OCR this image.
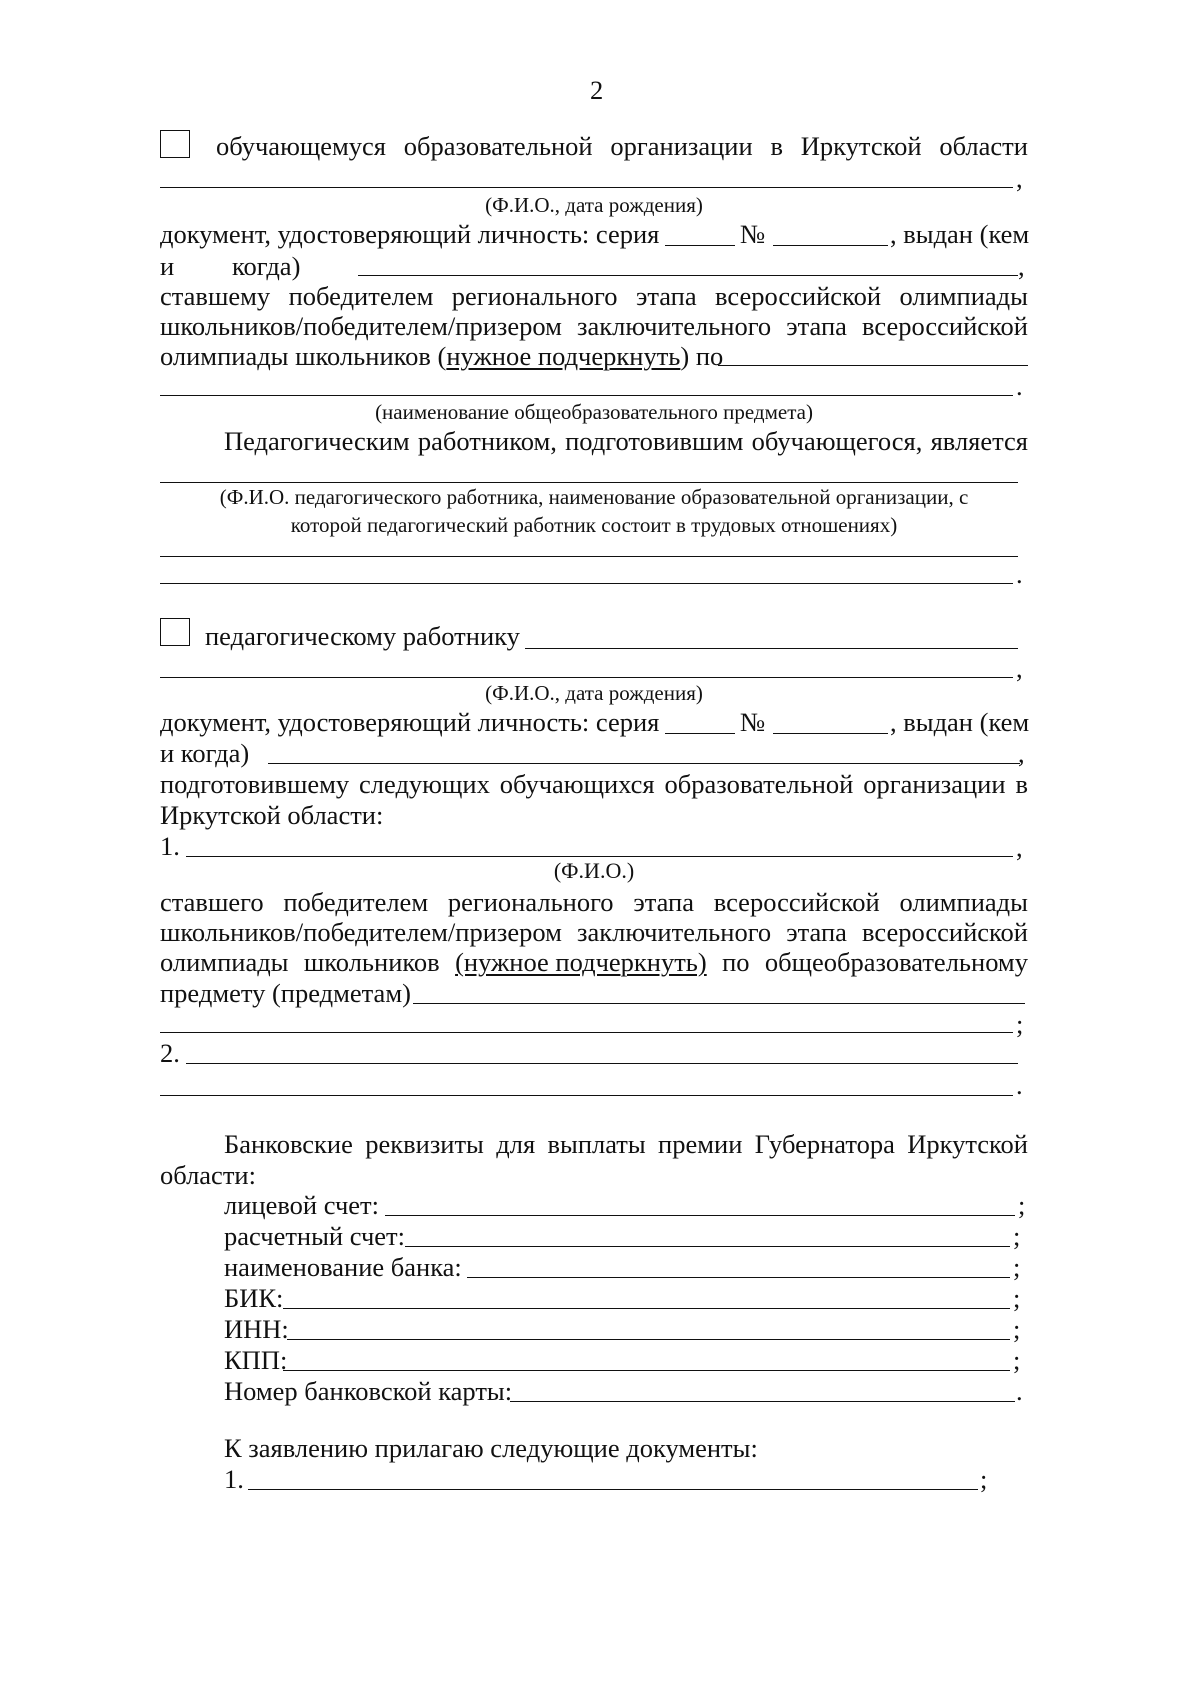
2
обучающемуся образовательной организации в Иркутской области
,
(Ф.И.О., дата рождения)
документ, удостоверяющий личность: серия	№	, выдан (кем
и когда)	,
ставшему победителем регионального этапа всероссийской олимпиады
школьников/победителем/призером заключительного этапа всероссийской
олимпиады школьников (нужное подчеркнуть) по
.
(наименование общеобразовательного предмета)
Педагогическим работником, подготовившим обучающегося, является
(Ф.И.О. педагогического работника, наименование образовательной организации, с
которой педагогический работник состоит в трудовых отношениях)
.
педагогическому работнику
,
(Ф.И.О., дата рождения)
документ, удостоверяющий личность: серия	№	, выдан (кем
и когда)	,
подготовившему следующих обучающихся образовательной организации в
Иркутской области:
1.	,
(Ф.И.О.)
ставшего победителем регионального этапа всероссийской олимпиады
школьников/победителем/призером заключительного этапа всероссийской
олимпиады школьников (нужное подчеркнуть) по общеобразовательному
предмету (предметам)
;
2.
.
Банковские реквизиты для выплаты премии Губернатора Иркутской
области:
лицевой счет:	;
расчетный счет:	;
наименование банка:	;
БИК:	;
ИНН:	;
КПП:	;
Номер банковской карты:	.
К заявлению прилагаю следующие документы:
1.	;
